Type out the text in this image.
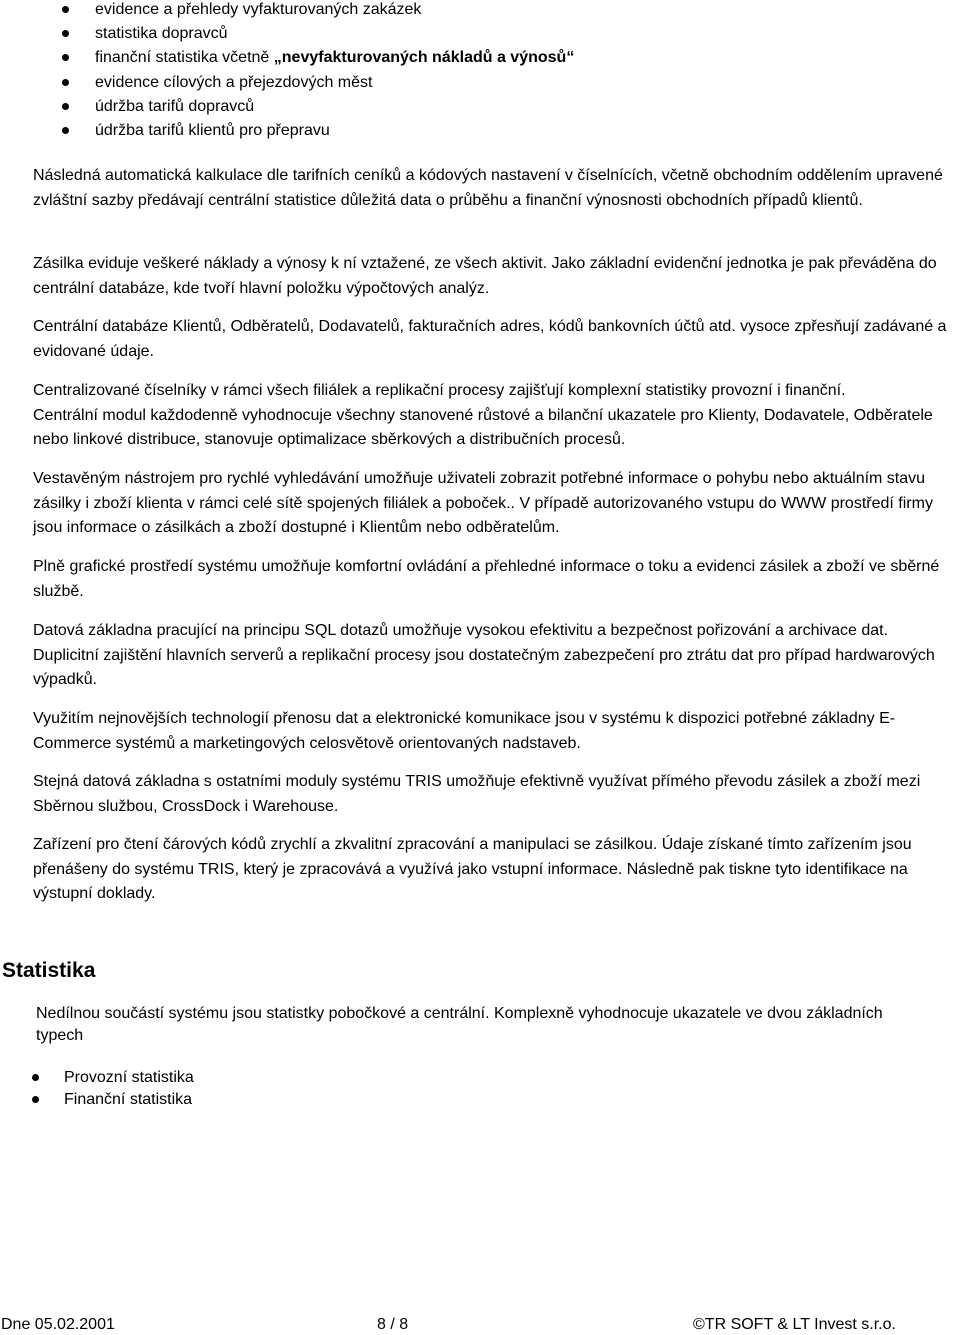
evidence a přehledy vyfakturovaných zakázek
statistika dopravců
finanční statistika včetně „nevyfakturovaných nákladů a výnosů“
evidence cílových a přejezdových měst
údržba tarifů dopravců
údržba tarifů klientů pro přepravu

Následná automatická kalkulace dle tarifních ceníků a kódových nastavení v číselnících, včetně obchodním oddělením upravené zvláštní sazby předávají centrální statistice důležitá data o průběhu a finanční výnosnosti obchodních případů klientů.

Zásilka eviduje veškeré náklady a výnosy k ní vztažené, ze všech aktivit. Jako základní evidenční jednotka je pak převáděna do centrální databáze, kde tvoří hlavní položku výpočtových analýz.

Centrální databáze Klientů, Odběratelů, Dodavatelů, fakturačních adres, kódů bankovních účtů atd. vysoce zpřesňují zadávané a evidované údaje.

Centralizované číselníky v rámci všech filiálek a replikační procesy zajišťují komplexní statistiky provozní i finanční.
Centrální modul každodenně vyhodnocuje všechny stanovené růstové a bilanční ukazatele pro Klienty, Dodavatele, Odběratele nebo linkové distribuce, stanovuje optimalizace sběrkových a distribučních procesů.

Vestavěným nástrojem pro rychlé vyhledávání umožňuje uživateli zobrazit potřebné informace o pohybu nebo aktuálním stavu zásilky i zboží klienta v rámci celé sítě spojených filiálek a poboček.. V případě autorizovaného vstupu do WWW prostředí firmy jsou informace o zásilkách a zboží dostupné i Klientům nebo odběratelům.

Plně grafické prostředí systému umožňuje komfortní ovládání a přehledné informace o toku a evidenci zásilek a zboží ve sběrné službě.

Datová základna pracující na principu SQL dotazů umožňuje vysokou efektivitu a bezpečnost pořizování a archivace dat. Duplicitní zajištění hlavních serverů a replikační procesy jsou dostatečným zabezpečení pro ztrátu dat pro případ hardwarových výpadků.

Využitím nejnovějších technologií přenosu dat a elektronické komunikace jsou v systému k dispozici potřebné základny E-Commerce systémů a marketingových celosvětově orientovaných nadstaveb.

Stejná datová základna s ostatními moduly systému TRIS umožňuje efektivně využívat přímého převodu zásilek a zboží mezi Sběrnou službou, CrossDock i Warehouse.

Zařízení pro čtení čárových kódů zrychlí a zkvalitní zpracování a manipulaci se zásilkou. Údaje získané tímto zařízením jsou přenášeny do systému TRIS, který je zpracovává a využívá jako vstupní informace. Následně pak tiskne tyto identifikace na výstupní doklady.

Statistika

Nedílnou součástí systému jsou statistky pobočkové a centrální. Komplexně vyhodnocuje ukazatele ve dvou základních typech

Provozní statistika
Finanční statistika
Dne 05.02.2001	8 / 8	©TR SOFT & LT Invest s.r.o.
